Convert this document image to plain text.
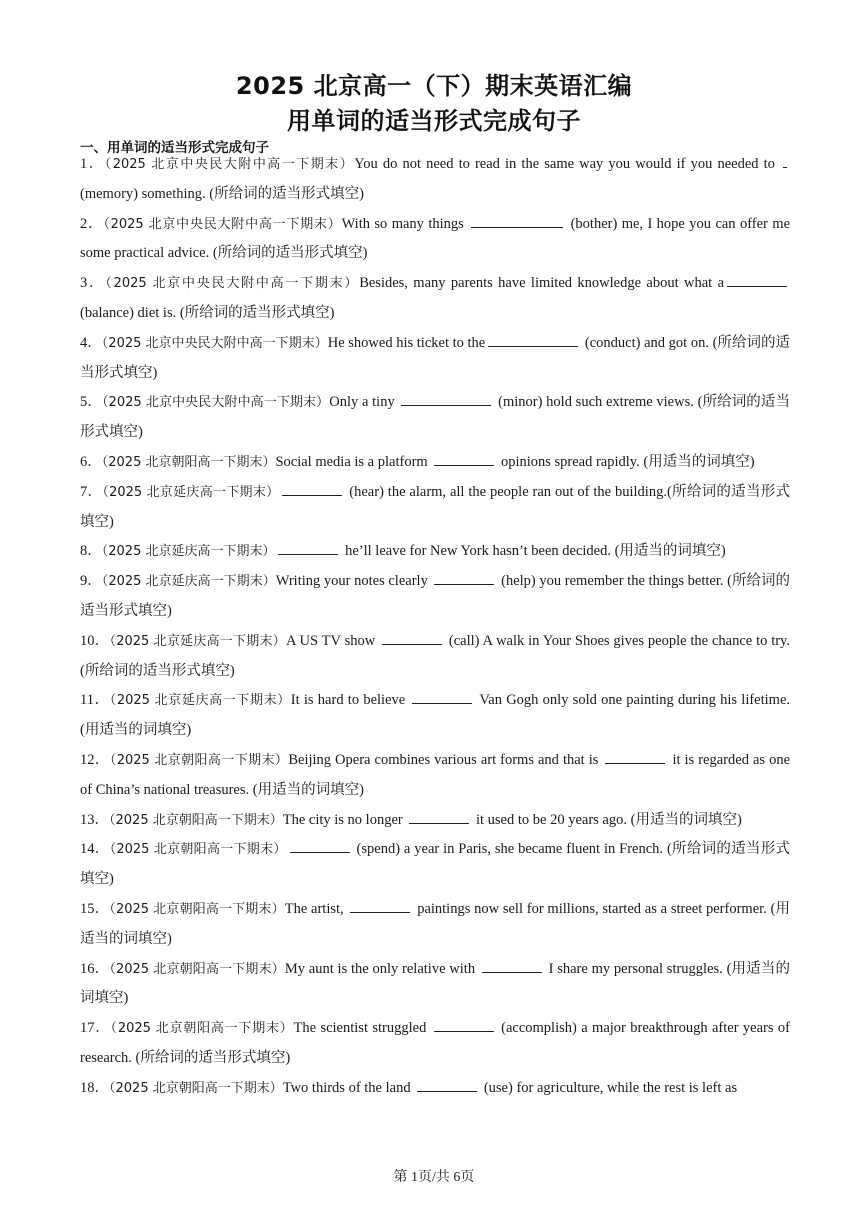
2025 北京高一（下）期末英语汇编
用单词的适当形式完成句子
一、用单词的适当形式完成句子

1．（2025 北京中央民大附中高一下期末）You do not need to read in the same way you would if you needed to (memory) something. (所给词的适当形式填空)

2．（2025 北京中央民大附中高一下期末）With so many things	(bother) me, I hope you can offer me some practical advice. (所给词的适当形式填空)

3．（2025 北京中央民大附中高一下期末）Besides, many parents have limited knowledge about what a(balance) diet is. (所给词的适当形式填空)

4．（2025 北京中央民大附中高一下期末）He showed his ticket to the	(conduct) and got on. (所给词的适当形式填空)

5．（2025 北京中央民大附中高一下期末）Only a tiny	(minor) hold such extreme views. (所给词的适当形式填空)

6．（2025 北京朝阳高一下期末）Social media is a platform	opinions spread rapidly. (用适当的词填空)

7．（2025 北京延庆高一下期末）	(hear) the alarm, all the people ran out of the building.(所给词的适当形式填空)

8．（2025 北京延庆高一下期末）	he’ll leave for New York hasn’t been decided. (用适当的词填空)

9．（2025 北京延庆高一下期末）Writing your notes clearly	(help) you remember the things better. (所给词的适当形式填空)

10．（2025 北京延庆高一下期末）A US TV show	(call) A walk in Your Shoes gives people the chance to try. (所给词的适当形式填空)

11．（2025 北京延庆高一下期末）It is hard to believe	Van Gogh only sold one painting during his lifetime. (用适当的词填空)

12．（2025 北京朝阳高一下期末）Beijing Opera combines various art forms and that is	it is regarded as one of China’s national treasures. (用适当的词填空)

13．（2025 北京朝阳高一下期末）The city is no longer	it used to be 20 years ago. (用适当的词填空)

14．（2025 北京朝阳高一下期末）	(spend) a year in Paris, she became fluent in French. (所给词的适当形式填空)

15．（2025 北京朝阳高一下期末）The artist,	paintings now sell for millions, started as a street performer. (用适当的词填空)

16．（2025 北京朝阳高一下期末）My aunt is the only relative with	I share my personal struggles. (用适当的词填空)

17．（2025 北京朝阳高一下期末）The scientist struggled	(accomplish) a major breakthrough after years of research. (所给词的适当形式填空)

18．（2025 北京朝阳高一下期末）Two thirds of the land	(use) for agriculture, while the rest is left as

第 1页/共 6页
